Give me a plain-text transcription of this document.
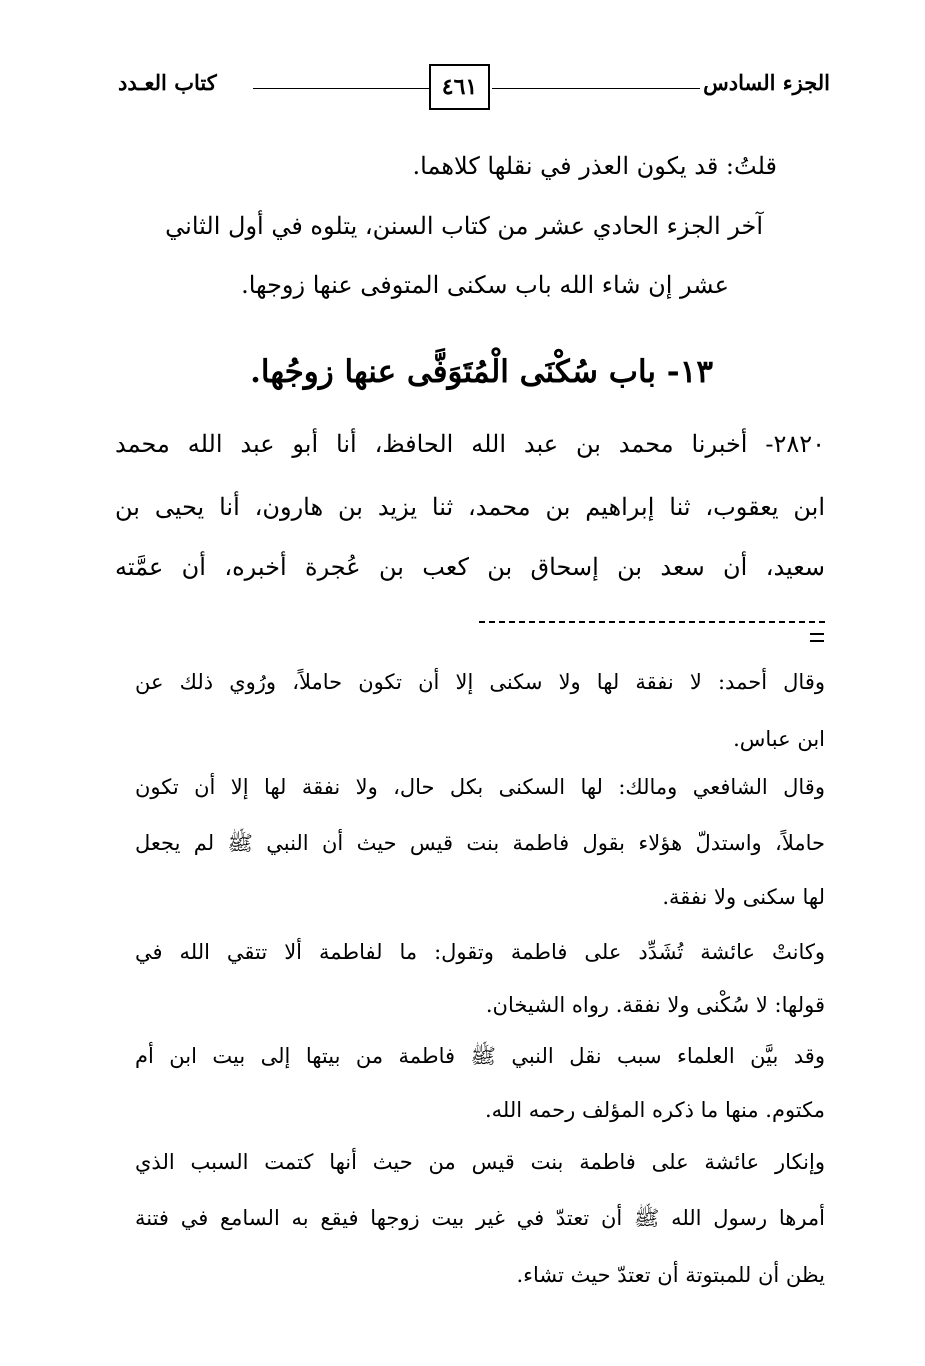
الجزء السادس
٤٦١
كتاب العـدد
قلتُ: قد يكون العذر في نقلها كلاهما.
آخر الجزء الحادي عشر من كتاب السنن، يتلوه في أول الثاني
عشر إن شاء الله باب سكنى المتوفى عنها زوجها.
١٣- باب سُكْنَى الْمُتَوَفَّى عنها زوجُها.
٢٨٢٠- أخبرنا محمد بن عبد الله الحافظ، أنا أبو عبد الله محمد
ابن يعقوب، ثنا إبراهيم بن محمد، ثنا يزيد بن هارون، أنا يحيى بن
سعيد، أن سعد بن إسحاق بن كعب بن عُجرة أخبره، أن عمَّته
وقال أحمد: لا نفقة لها ولا سكنى إلا أن تكون حاملاً، ورُوي ذلك عن
ابن عباس.
وقال الشافعي ومالك: لها السكنى بكل حال، ولا نفقة لها إلا أن تكون
حاملاً، واستدلّ هؤلاء بقول فاطمة بنت قيس حيث أن النبي ﷺ لم يجعل
لها سكنى ولا نفقة.
وكانتْ عائشة تُشَدِّد على فاطمة وتقول: ما لفاطمة ألا تتقي الله في
قولها: لا سُكْنى ولا نفقة. رواه الشيخان.
وقد بيَّن العلماء سبب نقل النبي ﷺ فاطمة من بيتها إلى بيت ابن أم
مكتوم. منها ما ذكره المؤلف رحمه الله.
وإنكار عائشة على فاطمة بنت قيس من حيث أنها كتمت السبب الذي
أمرها رسول الله ﷺ أن تعتدّ في غير بيت زوجها فيقع به السامع في فتنة
يظن أن للمبتوتة أن تعتدّ حيث تشاء.
